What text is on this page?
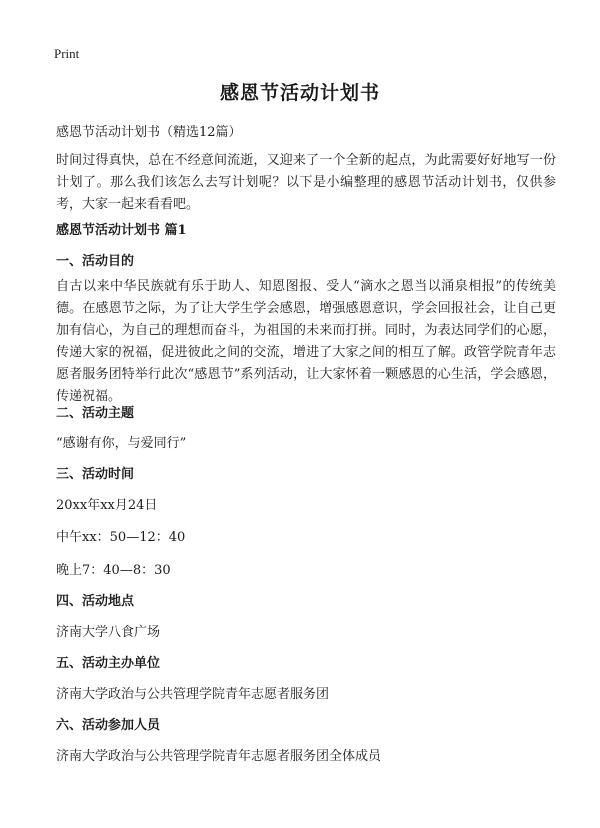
Print
感恩节活动计划书
感恩节活动计划书（精选12篇）

时间过得真快，总在不经意间流逝，又迎来了一个全新的起点，为此需要好好地写一份计划了。那么我们该怎么去写计划呢？以下是小编整理的感恩节活动计划书，仅供参考，大家一起来看看吧。

感恩节活动计划书 篇1
一、活动目的

自古以来中华民族就有乐于助人、知恩图报、受人“滴水之恩当以涌泉相报”的传统美德。在感恩节之际，为了让大学生学会感恩，增强感恩意识，学会回报社会，让自己更加有信心，为自己的理想而奋斗，为祖国的未来而打拼。同时，为表达同学们的心愿，传递大家的祝福，促进彼此之间的交流，增进了大家之间的相互了解。政管学院青年志愿者服务团特举行此次“感恩节”系列活动，让大家怀着一颗感恩的心生活，学会感恩，传递祝福。

二、活动主题
“感谢有你，与爱同行”
三、活动时间
20xx年xx月24日
中午xx：50—12：40
晚上7：40—8：30
四、活动地点
济南大学八食广场
五、活动主办单位
济南大学政治与公共管理学院青年志愿者服务团
六、活动参加人员
济南大学政治与公共管理学院青年志愿者服务团全体成员
